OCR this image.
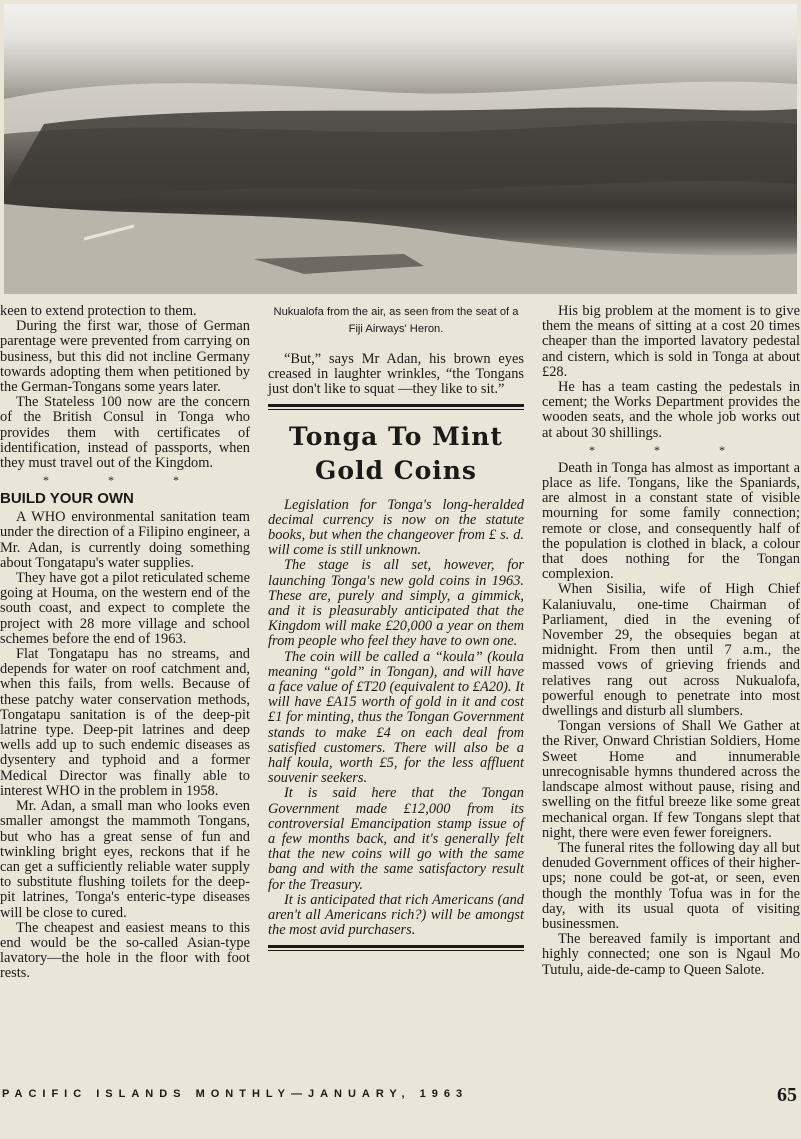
keen to extend protection to them.

During the first war, those of German parentage were prevented from carrying on business, but this did not incline Germany towards adopting them when petitioned by the German-Tongans some years later.

The Stateless 100 now are the concern of the British Consul in Tonga who provides them with certificates of identification, instead of passports, when they must travel out of the Kingdom.

* * *
BUILD YOUR OWN

A WHO environmental sanitation team under the direction of a Filipino engineer, a Mr. Adan, is currently doing something about Tongatapu's water supplies.

They have got a pilot reticulated scheme going at Houma, on the western end of the south coast, and expect to complete the project with 28 more village and school schemes before the end of 1963.

Flat Tongatapu has no streams, and depends for water on roof catchment and, when this fails, from wells. Because of these patchy water conservation methods, Tongatapu sanitation is of the deep-pit latrine type. Deep-pit latrines and deep wells add up to such endemic diseases as dysentery and typhoid and a former Medical Director was finally able to interest WHO in the problem in 1958.

Mr. Adan, a small man who looks even smaller amongst the mammoth Tongans, but who has a great sense of fun and twinkling bright eyes, reckons that if he can get a sufficiently reliable water supply to substitute flushing toilets for the deep-pit latrines, Tonga's enteric-type diseases will be close to cured.

The cheapest and easiest means to this end would be the so-called Asian-type lavatory—the hole in the floor with foot rests.

Nukualofa from the air, as seen from the seat of a Fiji Airways' Heron.

“But,” says Mr Adan, his brown eyes creased in laughter wrinkles, “the Tongans just don't like to squat —they like to sit.”

Tonga To Mint
Gold Coins

Legislation for Tonga's long-heralded decimal currency is now on the statute books, but when the changeover from £ s. d. will come is still unknown.

The stage is all set, however, for launching Tonga's new gold coins in 1963. These are, purely and simply, a gimmick, and it is pleasurably anticipated that the Kingdom will make £20,000 a year on them from people who feel they have to own one.

The coin will be called a “koula” (koula meaning “gold” in Tongan), and will have a face value of £T20 (equivalent to £A20). It will have £A15 worth of gold in it and cost £1 for minting, thus the Tongan Government stands to make £4 on each deal from satisfied customers. There will also be a half koula, worth £5, for the less affluent souvenir seekers.

It is said here that the Tongan Government made £12,000 from its controversial Emancipation stamp issue of a few months back, and it's generally felt that the new coins will go with the same bang and with the same satisfactory result for the Treasury.

It is anticipated that rich Americans (and aren't all Americans rich?) will be amongst the most avid purchasers.

His big problem at the moment is to give them the means of sitting at a cost 20 times cheaper than the imported lavatory pedestal and cistern, which is sold in Tonga at about £28.

He has a team casting the pedestals in cement; the Works Department provides the wooden seats, and the whole job works out at about 30 shillings.

* * *

Death in Tonga has almost as important a place as life. Tongans, like the Spaniards, are almost in a constant state of visible mourning for some family connection; remote or close, and consequently half of the population is clothed in black, a colour that does nothing for the Tongan complexion.

When Sisilia, wife of High Chief Kalaniuvalu, one-time Chairman of Parliament, died in the evening of November 29, the obsequies began at midnight. From then until 7 a.m., the massed vows of grieving friends and relatives rang out across Nukualofa, powerful enough to penetrate into most dwellings and disturb all slumbers.

Tongan versions of Shall We Gather at the River, Onward Christian Soldiers, Home Sweet Home and innumerable unrecognisable hymns thundered across the landscape almost without pause, rising and swelling on the fitful breeze like some great mechanical organ. If few Tongans slept that night, there were even fewer foreigners.

The funeral rites the following day all but denuded Government offices of their higher-ups; none could be got-at, or seen, even though the monthly Tofua was in for the day, with its usual quota of visiting businessmen.

The bereaved family is important and highly connected; one son is Ngaul Mo Tutulu, aide-de-camp to Queen Salote.

PACIFIC ISLANDS MONTHLY—JANUARY, 1963	65
